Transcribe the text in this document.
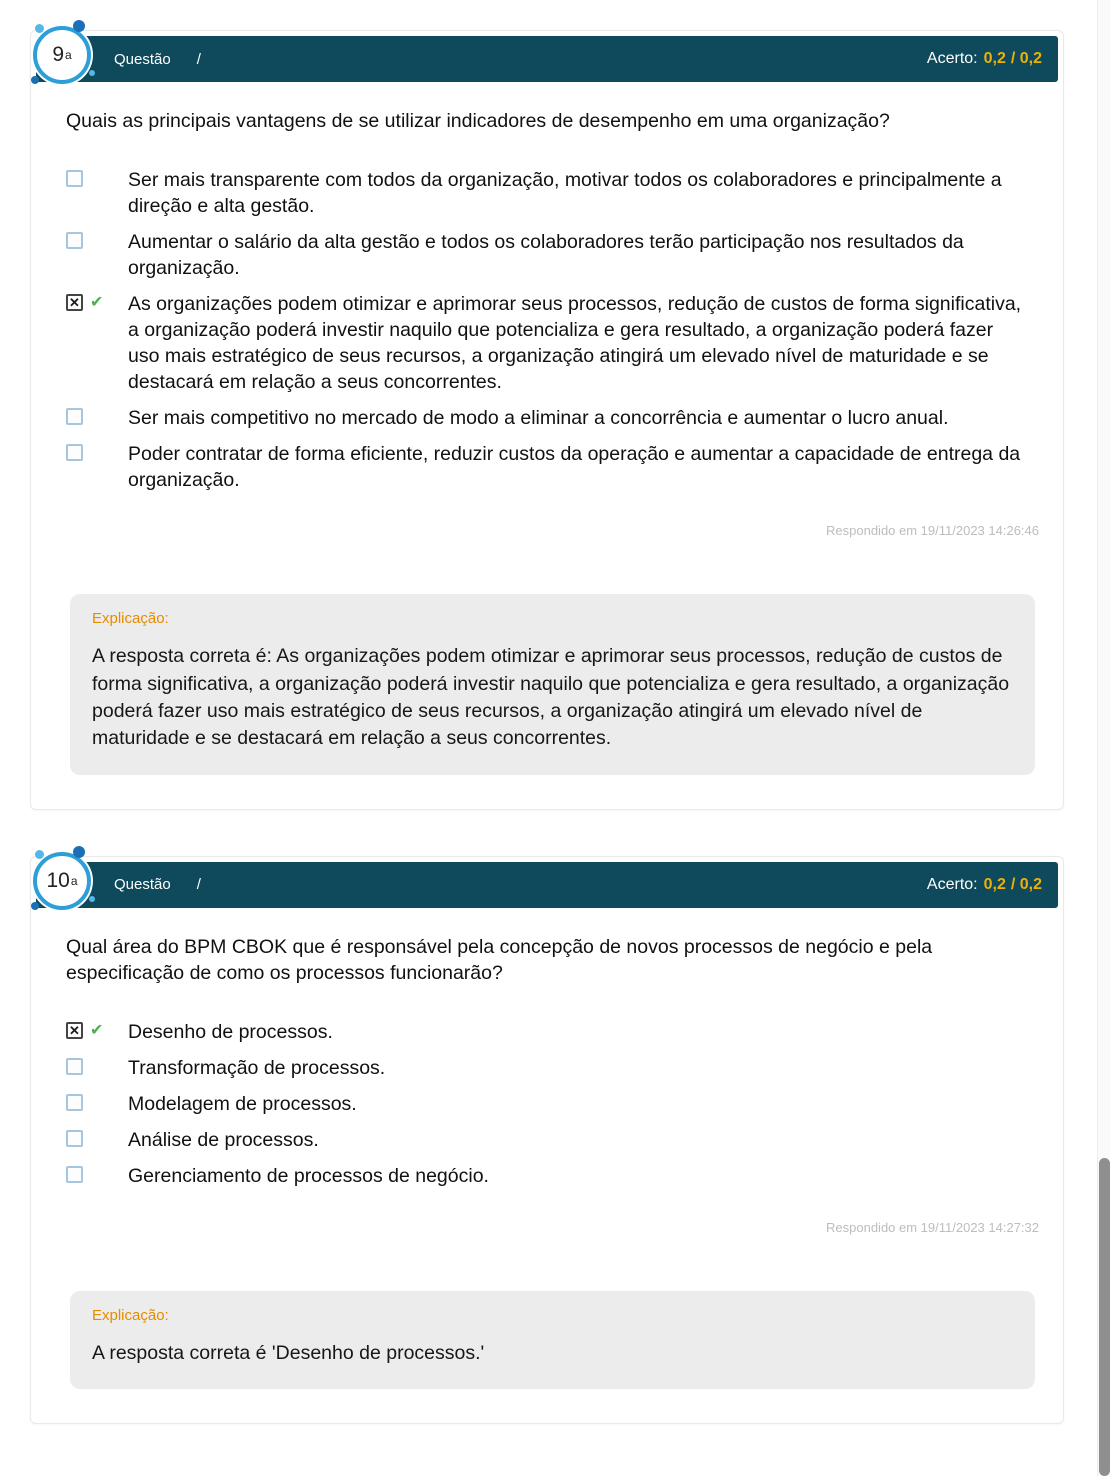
9 a	Questão /	Acerto: 0,2 / 0,2
Quais as principais vantagens de se utilizar indicadores de desempenho em uma organização?
Ser mais transparente com todos da organização, motivar todos os colaboradores e principalmente a direção e alta gestão.
Aumentar o salário da alta gestão e todos os colaboradores terão participação nos resultados da organização.
✕ ✔ As organizações podem otimizar e aprimorar seus processos, redução de custos de forma significativa, a organização poderá investir naquilo que potencializa e gera resultado, a organização poderá fazer uso mais estratégico de seus recursos, a organização atingirá um elevado nível de maturidade e se destacará em relação a seus concorrentes.
Ser mais competitivo no mercado de modo a eliminar a concorrência e aumentar o lucro anual.
Poder contratar de forma eficiente, reduzir custos da operação e aumentar a capacidade de entrega da organização.
Respondido em 19/11/2023 14:26:46
Explicação:
A resposta correta é: As organizações podem otimizar e aprimorar seus processos, redução de custos de forma significativa, a organização poderá investir naquilo que potencializa e gera resultado, a organização poderá fazer uso mais estratégico de seus recursos, a organização atingirá um elevado nível de maturidade e se destacará em relação a seus concorrentes.
10 a Questão /	Acerto: 0,2 / 0,2
Qual área do BPM CBOK que é responsável pela concepção de novos processos de negócio e pela especificação de como os processos funcionarão?
✕ ✔ Desenho de processos.
Transformação de processos.
Modelagem de processos.
Análise de processos.
Gerenciamento de processos de negócio.
Respondido em 19/11/2023 14:27:32
Explicação:
A resposta correta é 'Desenho de processos.'
